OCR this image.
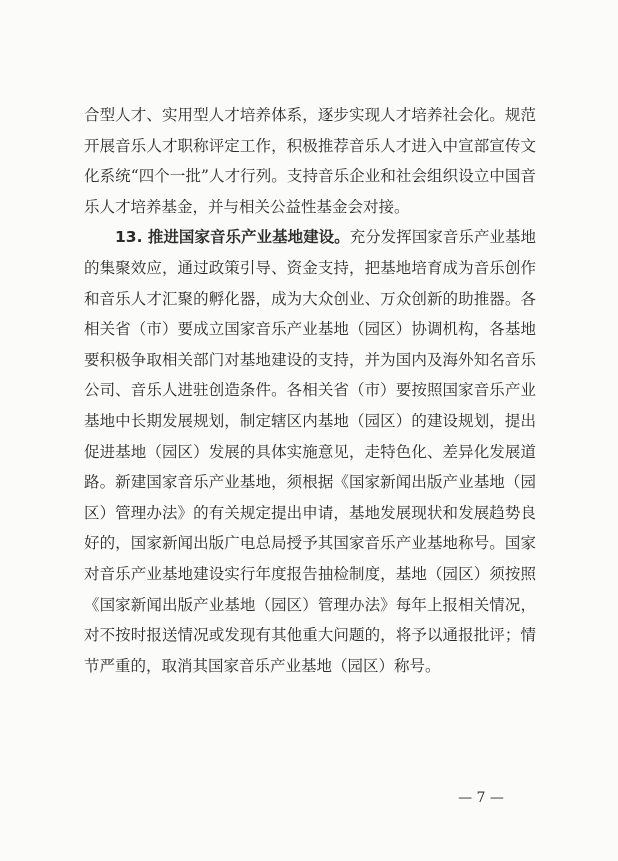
合型人才、实用型人才培养体系，逐步实现人才培养社会化。规范开展音乐人才职称评定工作，积极推荐音乐人才进入中宣部宣传文化系统“四个一批”人才行列。支持音乐企业和社会组织设立中国音乐人才培养基金，并与相关公益性基金会对接。

13. 推进国家音乐产业基地建设。充分发挥国家音乐产业基地的集聚效应，通过政策引导、资金支持，把基地培育成为音乐创作和音乐人才汇聚的孵化器，成为大众创业、万众创新的助推器。各相关省（市）要成立国家音乐产业基地（园区）协调机构，各基地要积极争取相关部门对基地建设的支持，并为国内及海外知名音乐公司、音乐人进驻创造条件。各相关省（市）要按照国家音乐产业基地中长期发展规划，制定辖区内基地（园区）的建设规划，提出促进基地（园区）发展的具体实施意见，走特色化、差异化发展道路。新建国家音乐产业基地，须根据《国家新闻出版产业基地（园区）管理办法》的有关规定提出申请，基地发展现状和发展趋势良好的，国家新闻出版广电总局授予其国家音乐产业基地称号。国家对音乐产业基地建设实行年度报告抽检制度，基地（园区）须按照《国家新闻出版产业基地（园区）管理办法》每年上报相关情况，对不按时报送情况或发现有其他重大问题的，将予以通报批评；情节严重的，取消其国家音乐产业基地（园区）称号。

— 7 —
